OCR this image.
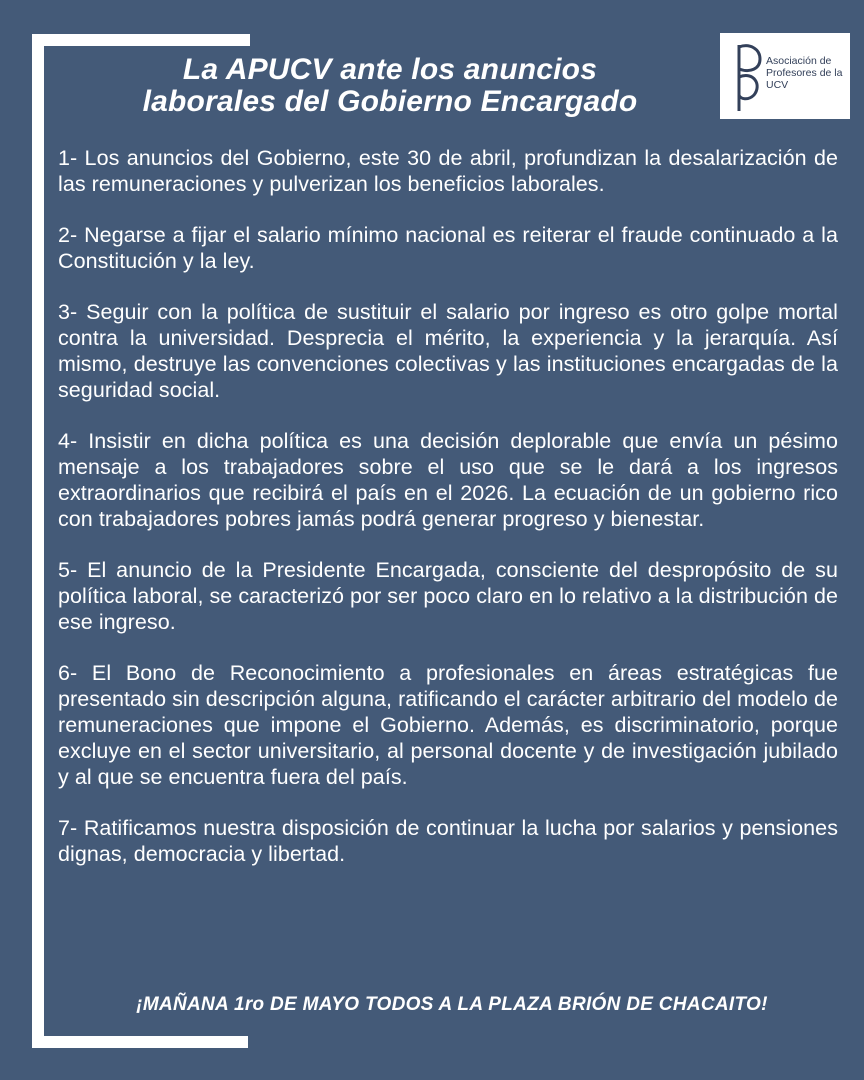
La APUCV ante los anuncios
laborales del Gobierno Encargado
Asociación de
Profesores de la
UCV
1- Los anuncios del Gobierno, este 30 de abril, profundizan la desalarización de las remuneraciones y pulverizan los beneficios laborales.
2- Negarse a fijar el salario mínimo nacional es reiterar el fraude continuado a la Constitución y la ley.
3- Seguir con la política de sustituir el salario por ingreso es otro golpe mortal contra la universidad. Desprecia el mérito, la experiencia y la jerarquía. Así mismo, destruye las convenciones colectivas y las instituciones encargadas de la seguridad social.
4- Insistir en dicha política es una decisión deplorable que envía un pésimo mensaje a los trabajadores sobre el uso que se le dará a los ingresos extraordinarios que recibirá el país en el 2026. La ecuación de un gobierno rico con trabajadores pobres jamás podrá generar progreso y bienestar.
5- El anuncio de la Presidente Encargada, consciente del despropósito de su política laboral, se caracterizó por ser poco claro en lo relativo a la distribución de ese ingreso.
6- El Bono de Reconocimiento a profesionales en áreas estratégicas fue presentado sin descripción alguna, ratificando el carácter arbitrario del modelo de remuneraciones que impone el Gobierno. Además, es discriminatorio, porque excluye en el sector universitario, al personal docente y de investigación jubilado y al que se encuentra fuera del país.
7- Ratificamos nuestra disposición de continuar la lucha por salarios y pensiones dignas, democracia y libertad.
¡MAÑANA 1ro DE MAYO TODOS A LA PLAZA BRIÓN DE CHACAITO!
